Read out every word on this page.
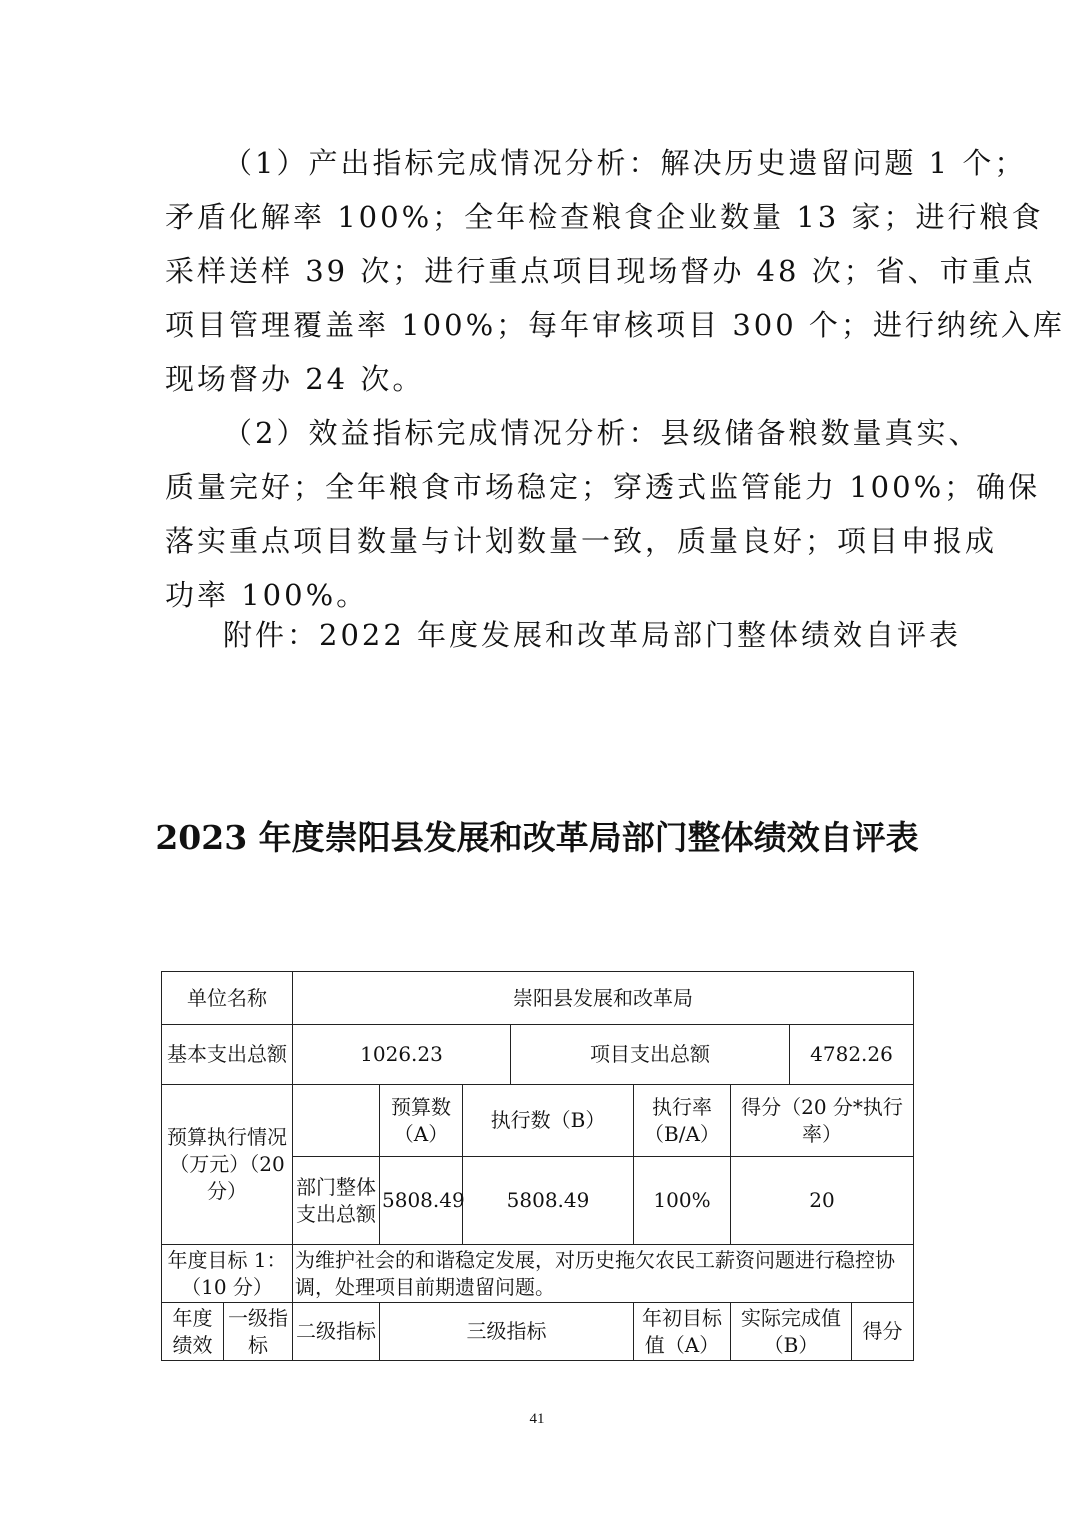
（1）产出指标完成情况分析：解决历史遗留问题 1 个；
矛盾化解率 100%；全年检查粮食企业数量 13 家；进行粮食
采样送样 39 次；进行重点项目现场督办 48 次；省、市重点
项目管理覆盖率 100%；每年审核项目 300 个；进行纳统入库
现场督办 24 次。
（2）效益指标完成情况分析：县级储备粮数量真实、
质量完好；全年粮食市场稳定；穿透式监管能力 100%；确保
落实重点项目数量与计划数量一致，质量良好；项目申报成
功率 100%。
附件：2022 年度发展和改革局部门整体绩效自评表
2023 年度崇阳县发展和改革局部门整体绩效自评表
单位名称		崇阳县发展和改革局							
基本支出总额		1026.23			项目支出总额			4782.26	
预算执行情况（万元）（20 分）			预算数（A）	执行数（B）		执行率（B/A）	得分（20 分*执行率）		
		部门整体支出总额	5808.49	5808.49		100%	20		
年度目标 1：（10 分）		为维护社会的和谐稳定发展，对历史拖欠农民工薪资问题进行稳控协调，处理项目前期遗留问题。							
年度绩效	一级指标	二级指标	三级指标			年初目标值（A）	实际完成值（B）		得分
41
